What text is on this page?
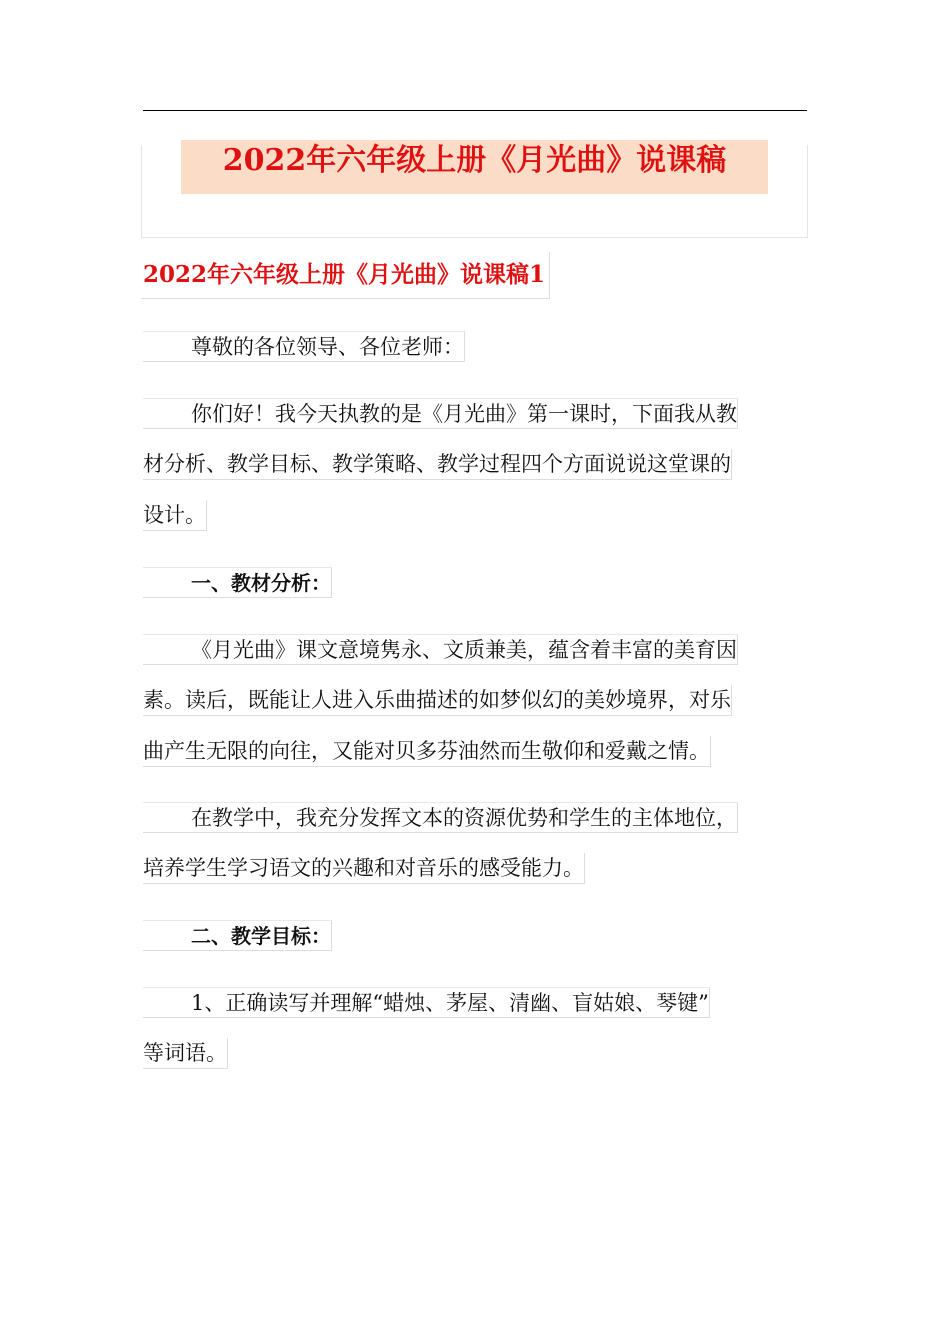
2022年六年级上册《月光曲》说课稿
2022年六年级上册《月光曲》说课稿1
尊敬的各位领导、各位老师：
你们好！我今天执教的是《月光曲》第一课时，下面我从教
材分析、教学目标、教学策略、教学过程四个方面说说这堂课的
设计。
一、教材分析：
《月光曲》课文意境隽永、文质兼美，蕴含着丰富的美育因
素。读后，既能让人进入乐曲描述的如梦似幻的美妙境界，对乐
曲产生无限的向往，又能对贝多芬油然而生敬仰和爱戴之情。
在教学中，我充分发挥文本的资源优势和学生的主体地位，
培养学生学习语文的兴趣和对音乐的感受能力。
二、教学目标：
1、正确读写并理解“蜡烛、茅屋、清幽、盲姑娘、琴键”
等词语。
